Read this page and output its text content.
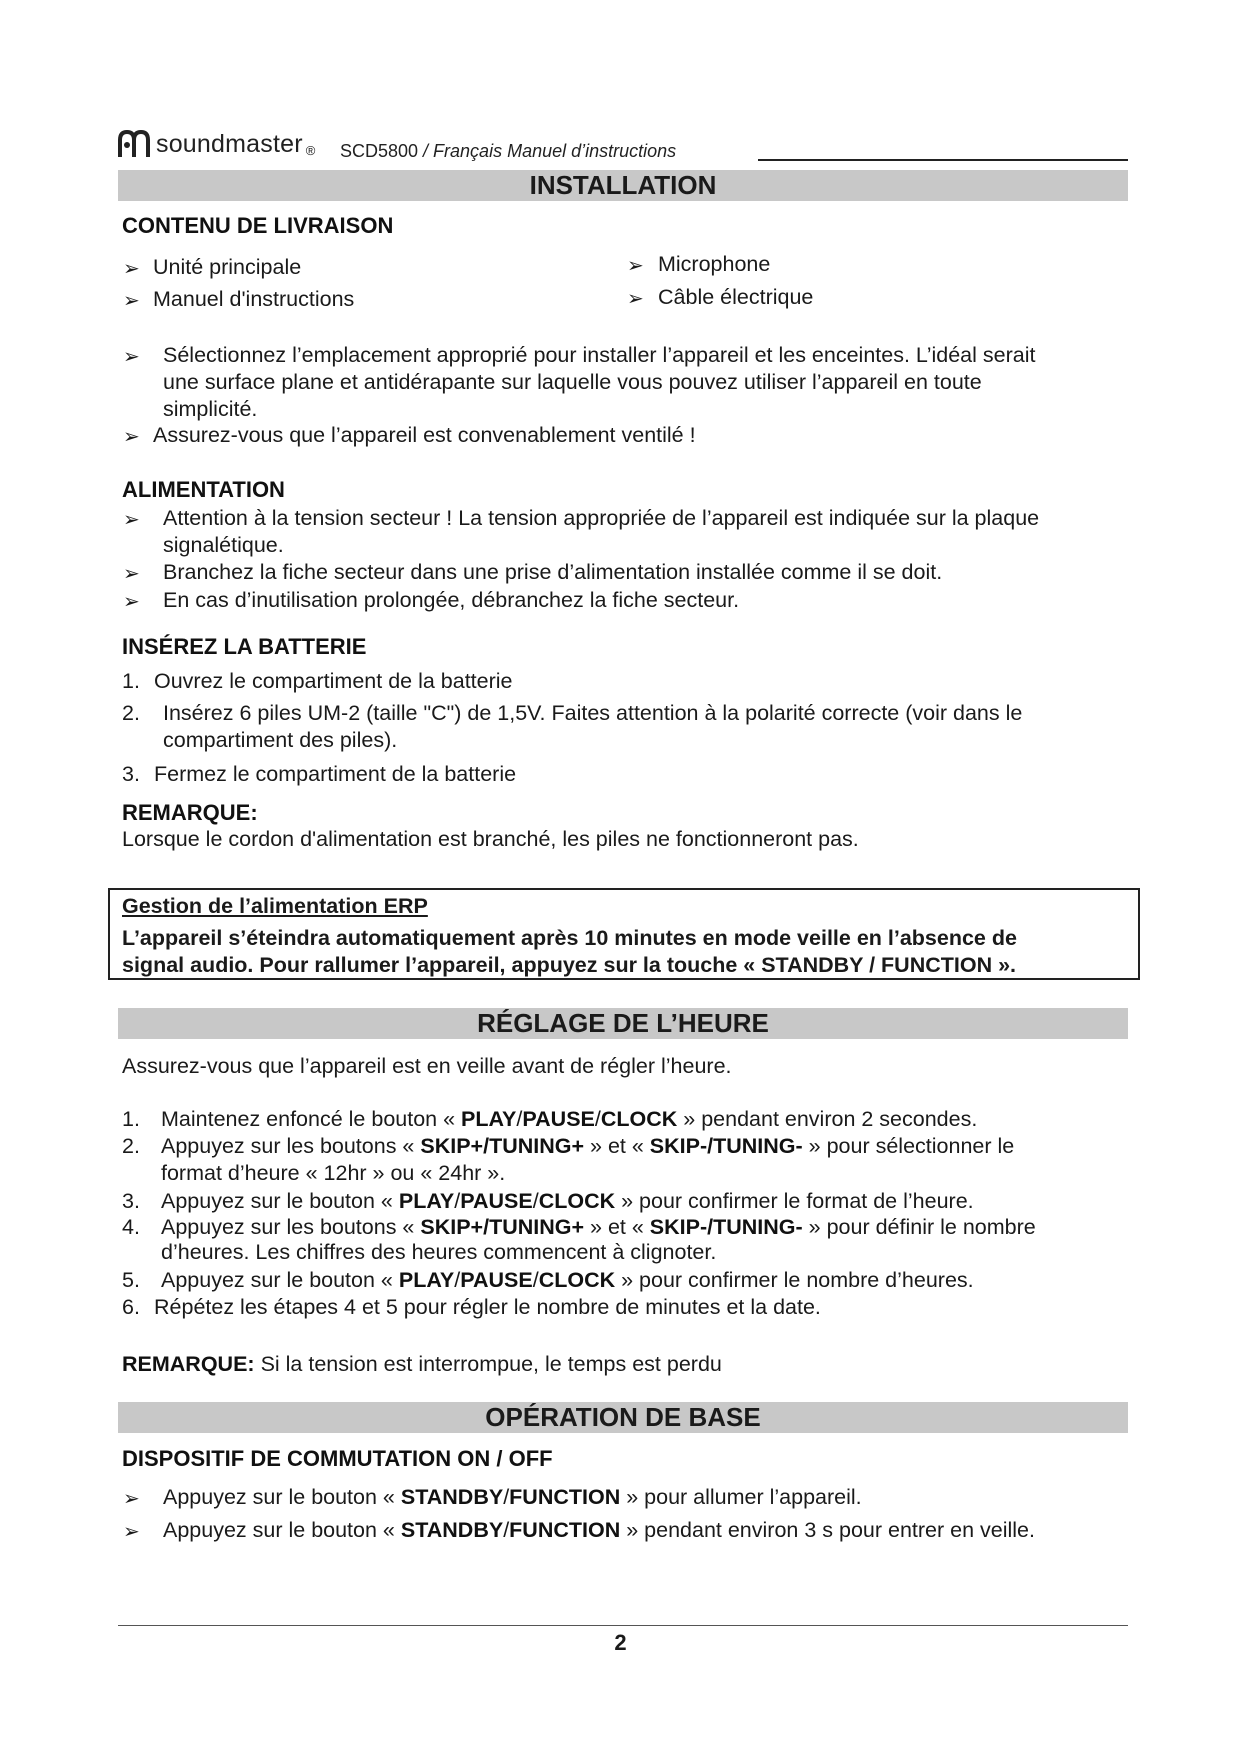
soundmaster ® SCD5800 / Français Manuel d’instructions
INSTALLATION
CONTENU DE LIVRAISON
➢ Unité principale
➢ Manuel d'instructions
➢ Microphone
➢ Câble électrique
➢ Sélectionnez l’emplacement approprié pour installer l’appareil et les enceintes. L’idéal serait
une surface plane et antidérapante sur laquelle vous pouvez utiliser l’appareil en toute
simplicité.
➢ Assurez-vous que l’appareil est convenablement ventilé !
ALIMENTATION
➢ Attention à la tension secteur ! La tension appropriée de l’appareil est indiquée sur la plaque
signalétique.
➢ Branchez la fiche secteur dans une prise d’alimentation installée comme il se doit.
➢ En cas d’inutilisation prolongée, débranchez la fiche secteur.
INSÉREZ LA BATTERIE
1. Ouvrez le compartiment de la batterie
2. Insérez 6 piles UM-2 (taille "C") de 1,5V. Faites attention à la polarité correcte (voir dans le
compartiment des piles).
3. Fermez le compartiment de la batterie
REMARQUE:
Lorsque le cordon d'alimentation est branché, les piles ne fonctionneront pas.
Gestion de l’alimentation ERP
L’appareil s’éteindra automatiquement après 10 minutes en mode veille en l’absence de
signal audio. Pour rallumer l’appareil, appuyez sur la touche « STANDBY / FUNCTION ».
RÉGLAGE DE L’HEURE
Assurez-vous que l’appareil est en veille avant de régler l’heure.
1. Maintenez enfoncé le bouton « PLAY/PAUSE/CLOCK » pendant environ 2 secondes.
2. Appuyez sur les boutons « SKIP+/TUNING+ » et « SKIP-/TUNING- » pour sélectionner le
format d’heure « 12hr » ou « 24hr ».
3. Appuyez sur le bouton « PLAY/PAUSE/CLOCK » pour confirmer le format de l’heure.
4. Appuyez sur les boutons « SKIP+/TUNING+ » et « SKIP-/TUNING- » pour définir le nombre
d’heures. Les chiffres des heures commencent à clignoter.
5. Appuyez sur le bouton « PLAY/PAUSE/CLOCK » pour confirmer le nombre d’heures.
6. Répétez les étapes 4 et 5 pour régler le nombre de minutes et la date.
REMARQUE: Si la tension est interrompue, le temps est perdu
OPÉRATION DE BASE
DISPOSITIF DE COMMUTATION ON / OFF
➢ Appuyez sur le bouton « STANDBY/FUNCTION » pour allumer l’appareil.
➢ Appuyez sur le bouton « STANDBY/FUNCTION » pendant environ 3 s pour entrer en veille.
2
